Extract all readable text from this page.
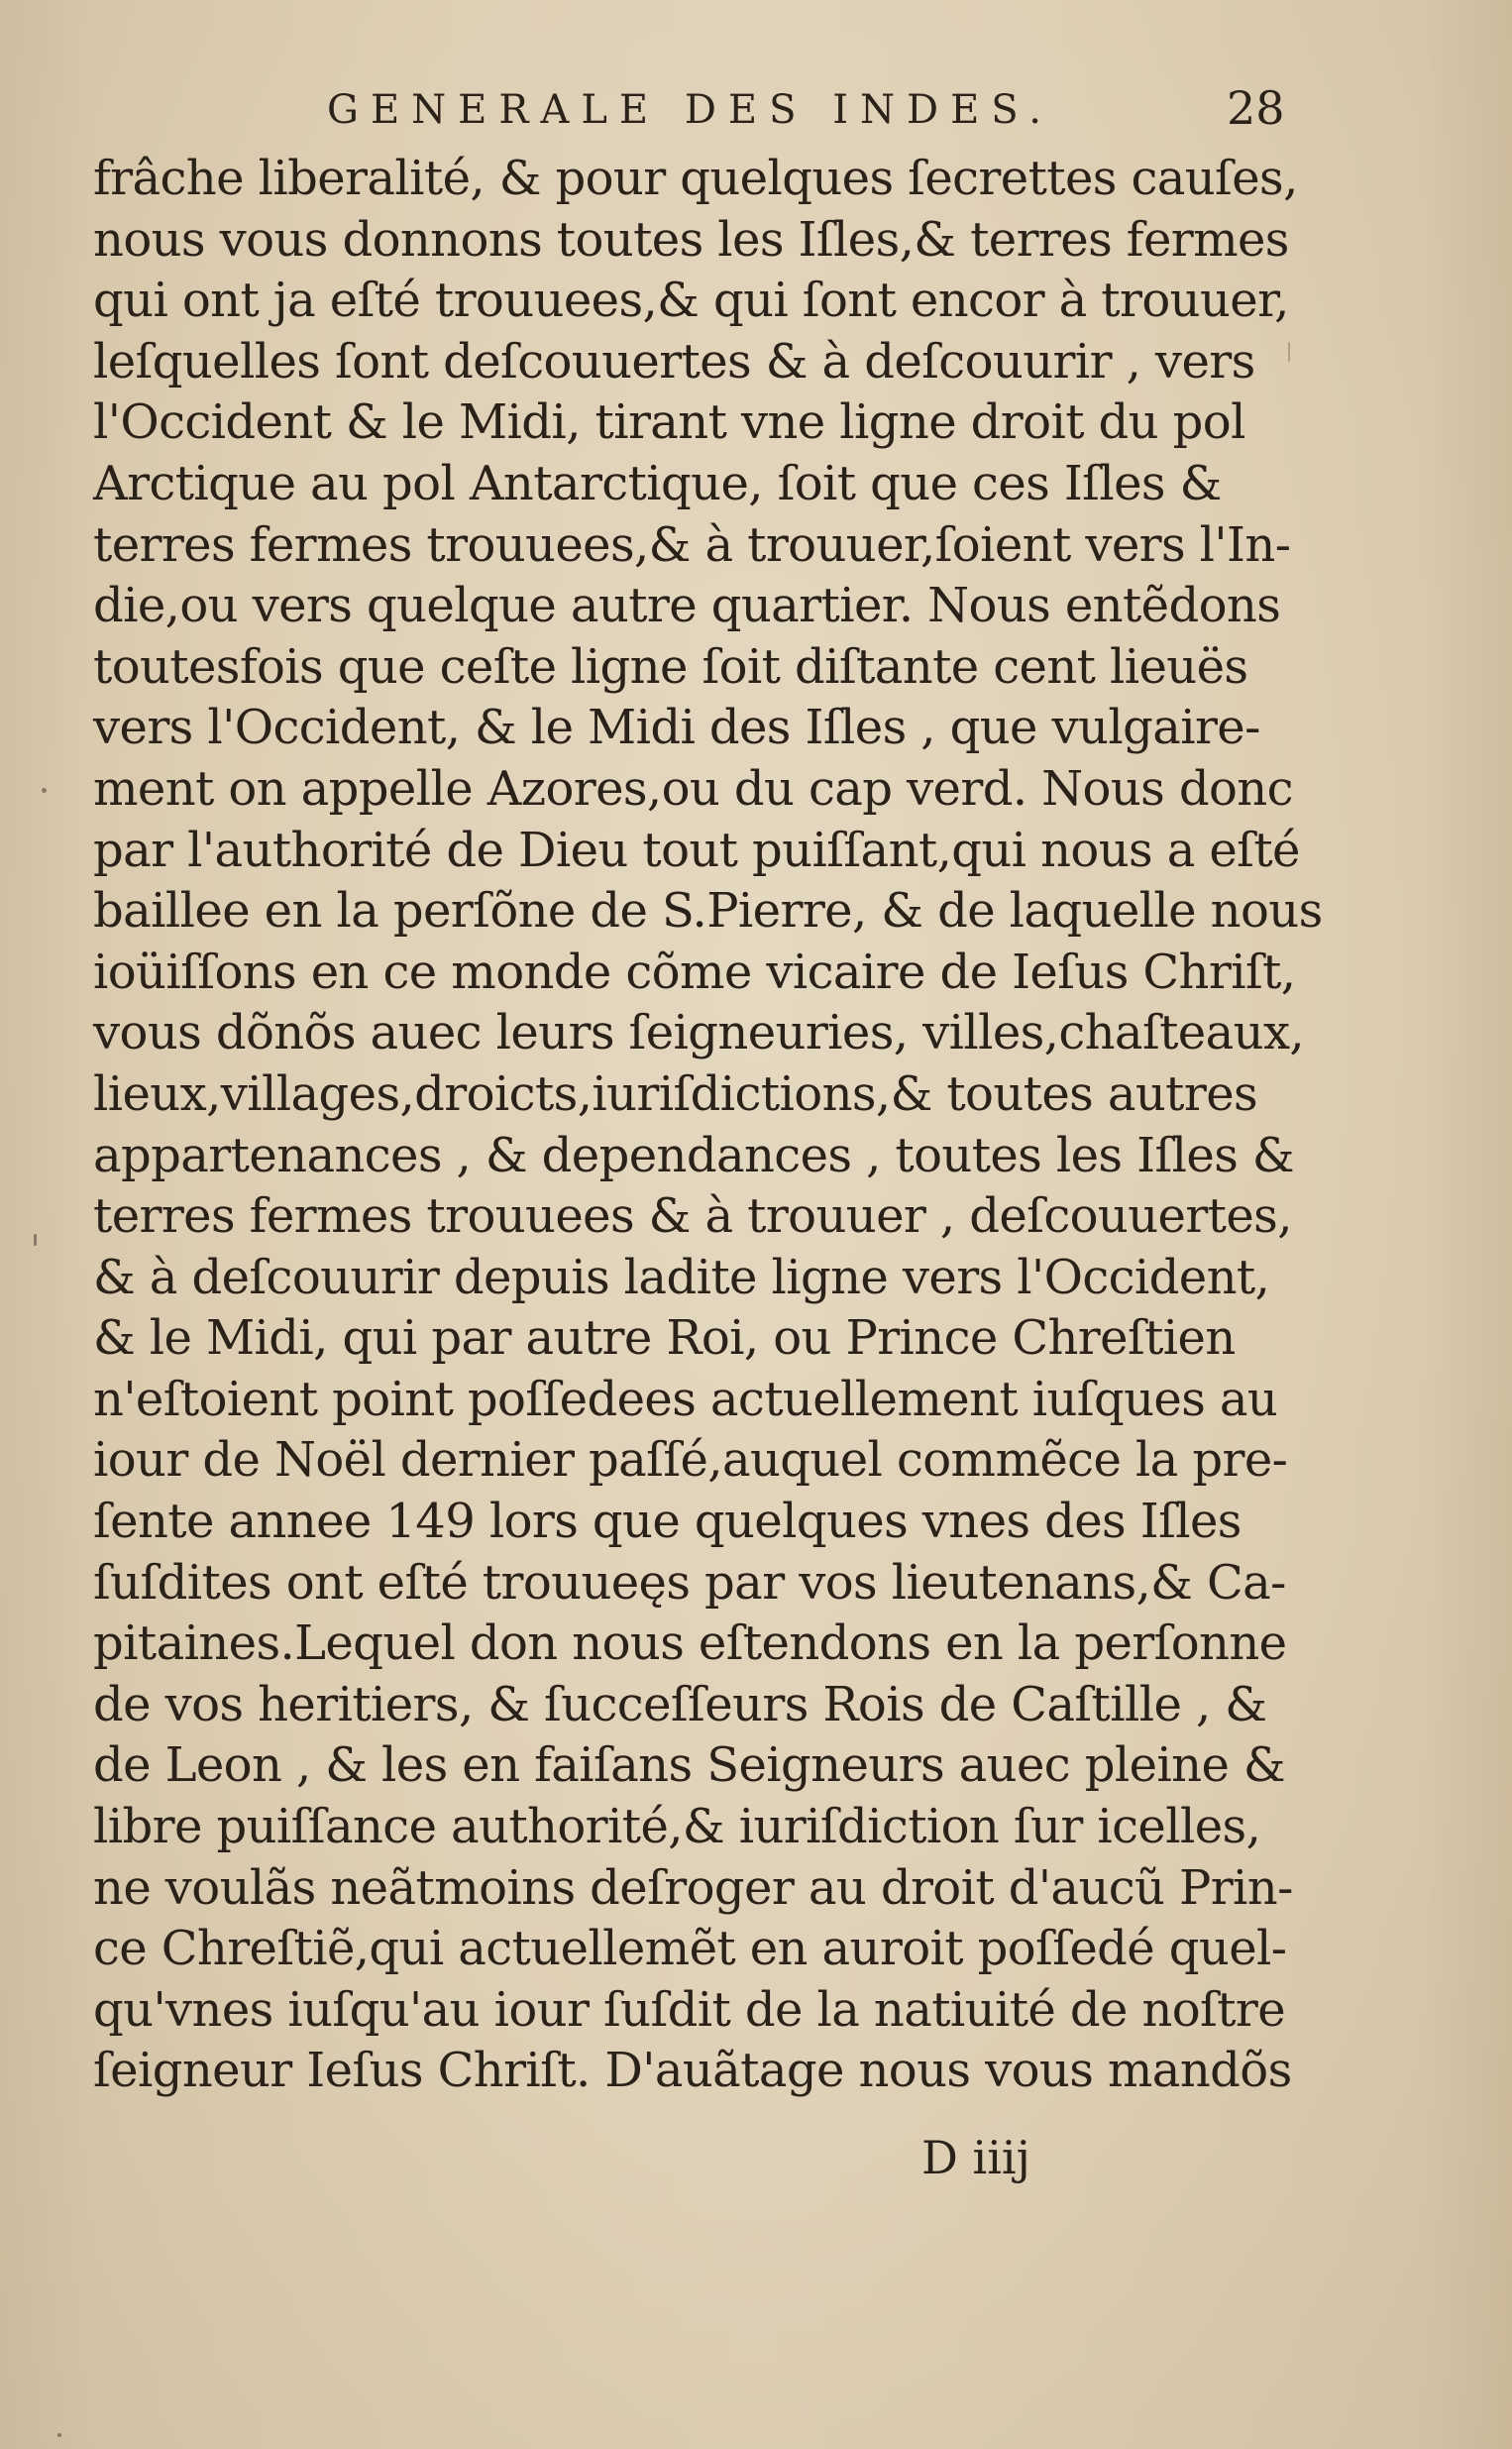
GENERALE DES INDES.	28
frâche liberalité, & pour quelques ſecrettes cauſes,
nous vous donnons toutes les Iſles,& terres fermes
qui ont ja eſté trouuees,& qui ſont encor à trouuer,
leſquelles ſont deſcouuertes & à deſcouurir , vers
l'Occident & le Midi, tirant vne ligne droit du pol
Arctique au pol Antarctique, ſoit que ces Iſles &
terres fermes trouuees,& à trouuer,ſoient vers l'In-
die,ou vers quelque autre quartier. Nous entẽdons
toutesfois que ceſte ligne ſoit diſtante cent lieuës
vers l'Occident, & le Midi des Iſles , que vulgaire-
ment on appelle Azores,ou du cap verd. Nous donc
par l'authorité de Dieu tout puiſſant,qui nous a eſté
baillee en la perſõne de S.Pierre, & de laquelle nous
ioüiſſons en ce monde cõme vicaire de Ieſus Chriſt,
vous dõnõs auec leurs ſeigneuries, villes,chaſteaux,
lieux,villages,droicts,iuriſdictions,& toutes autres
appartenances , & dependances , toutes les Iſles &
terres fermes trouuees & à trouuer , deſcouuertes,
& à deſcouurir depuis ladite ligne vers l'Occident,
& le Midi, qui par autre Roi, ou Prince Chreſtien
n'eſtoient point poſſedees actuellement iuſques au
iour de Noël dernier paſſé,auquel commẽce la pre-
ſente annee 149 lors que quelques vnes des Iſles
ſuſdites ont eſté trouueęs par vos lieutenans,& Ca-
pitaines.Lequel don nous eſtendons en la perſonne
de vos heritiers, & ſucceſſeurs Rois de Caſtille , &
de Leon , & les en faiſans Seigneurs auec pleine &
libre puiſſance authorité,& iuriſdiction ſur icelles,
ne voulãs neãtmoins deſroger au droit d'aucũ Prin-
ce Chreſtiẽ,qui actuellemẽt en auroit poſſedé quel-
qu'vnes iuſqu'au iour ſuſdit de la natiuité de noſtre
ſeigneur Ieſus Chriſt. D'auãtage nous vous mandõs
D iiij
